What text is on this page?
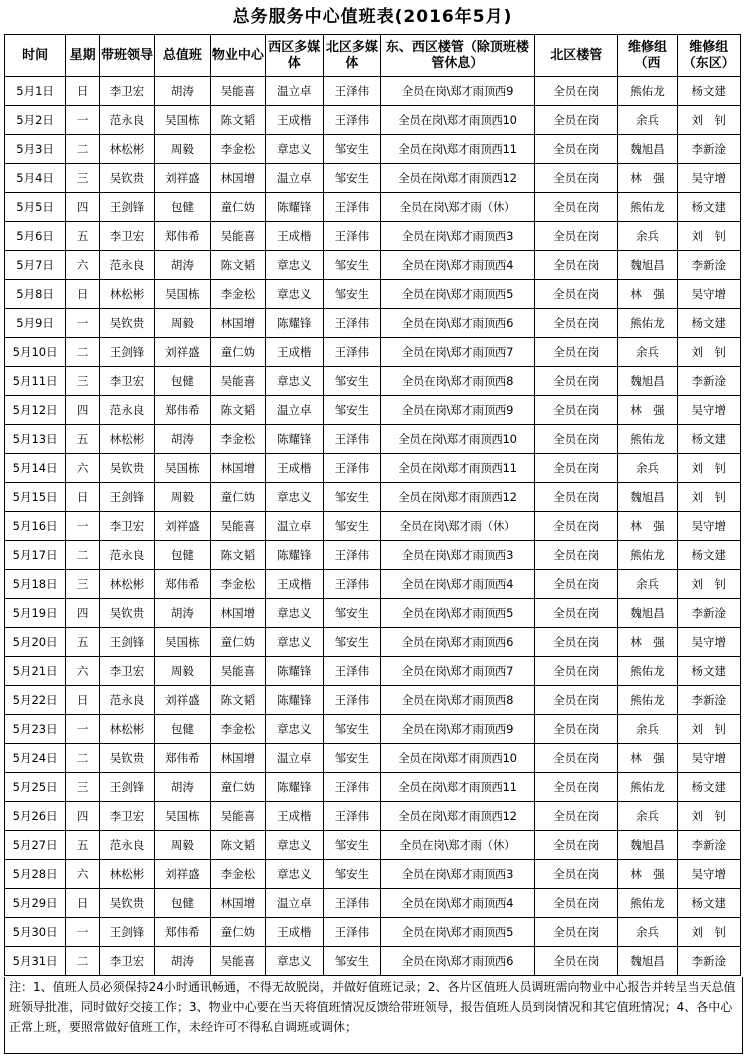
总务服务中心值班表(2016年5月)
时间	星期	带班领导	总值班	物业中心	西区多媒体	北区多媒体	东、西区楼管（除顶班楼管休息）	北区楼管	维修组（西	维修组（东区）
5月1日	日	李卫宏	胡涛	吴能喜	温立卓	王泽伟	全员在岗\郑才雨顶西9	全员在岗	熊佑龙	杨文建
5月2日	一	范永良	吴国栋	陈文韬	王成楷	王泽伟	全员在岗\郑才雨顶西10	全员在岗	余兵	刘　钊
5月3日	二	林松彬	周毅	李金松	章忠义	邹安生	全员在岗\郑才雨顶西11	全员在岗	魏旭昌	李新淦
5月4日	三	吴钦贵	刘祥盛	林国增	温立卓	邹安生	全员在岗\郑才雨顶西12	全员在岗	林　强	吴守增
5月5日	四	王剑锋	包健	童仁妫	陈耀锋	王泽伟	全员在岗\郑才雨（休）	全员在岗	熊佑龙	杨文建
5月6日	五	李卫宏	郑伟希	吴能喜	王成楷	王泽伟	全员在岗\郑才雨顶西3	全员在岗	余兵	刘　钊
5月7日	六	范永良	胡涛	陈文韬	章忠义	邹安生	全员在岗\郑才雨顶西4	全员在岗	魏旭昌	李新淦
5月8日	日	林松彬	吴国栋	李金松	章忠义	邹安生	全员在岗\郑才雨顶西5	全员在岗	林　强	吴守增
5月9日	一	吴钦贵	周毅	林国增	陈耀锋	王泽伟	全员在岗\郑才雨顶西6	全员在岗	熊佑龙	杨文建
5月10日	二	王剑锋	刘祥盛	童仁妫	王成楷	王泽伟	全员在岗\郑才雨顶西7	全员在岗	余兵	刘　钊
5月11日	三	李卫宏	包健	吴能喜	章忠义	邹安生	全员在岗\郑才雨顶西8	全员在岗	魏旭昌	李新淦
5月12日	四	范永良	郑伟希	陈文韬	温立卓	邹安生	全员在岗\郑才雨顶西9	全员在岗	林　强	吴守增
5月13日	五	林松彬	胡涛	李金松	陈耀锋	王泽伟	全员在岗\郑才雨顶西10	全员在岗	熊佑龙	杨文建
5月14日	六	吴钦贵	吴国栋	林国增	王成楷	王泽伟	全员在岗\郑才雨顶西11	全员在岗	余兵	刘　钊
5月15日	日	王剑锋	周毅	童仁妫	章忠义	邹安生	全员在岗\郑才雨顶西12	全员在岗	魏旭昌	刘　钊
5月16日	一	李卫宏	刘祥盛	吴能喜	温立卓	邹安生	全员在岗\郑才雨（休）	全员在岗	林　强	吴守增
5月17日	二	范永良	包健	陈文韬	陈耀锋	王泽伟	全员在岗\郑才雨顶西3	全员在岗	熊佑龙	杨文建
5月18日	三	林松彬	郑伟希	李金松	王成楷	王泽伟	全员在岗\郑才雨顶西4	全员在岗	余兵	刘　钊
5月19日	四	吴钦贵	胡涛	林国增	章忠义	邹安生	全员在岗\郑才雨顶西5	全员在岗	魏旭昌	李新淦
5月20日	五	王剑锋	吴国栋	童仁妫	章忠义	邹安生	全员在岗\郑才雨顶西6	全员在岗	林　强	吴守增
5月21日	六	李卫宏	周毅	吴能喜	陈耀锋	王泽伟	全员在岗\郑才雨顶西7	全员在岗	熊佑龙	杨文建
5月22日	日	范永良	刘祥盛	陈文韬	陈耀锋	王泽伟	全员在岗\郑才雨顶西8	全员在岗	熊佑龙	李新淦
5月23日	一	林松彬	包健	李金松	章忠义	邹安生	全员在岗\郑才雨顶西9	全员在岗	余兵	刘　钊
5月24日	二	吴钦贵	郑伟希	林国增	温立卓	邹安生	全员在岗\郑才雨顶西10	全员在岗	林　强	吴守增
5月25日	三	王剑锋	胡涛	童仁妫	陈耀锋	王泽伟	全员在岗\郑才雨顶西11	全员在岗	熊佑龙	杨文建
5月26日	四	李卫宏	吴国栋	吴能喜	王成楷	王泽伟	全员在岗\郑才雨顶西12	全员在岗	余兵	刘　钊
5月27日	五	范永良	周毅	陈文韬	章忠义	邹安生	全员在岗\郑才雨（休）	全员在岗	魏旭昌	李新淦
5月28日	六	林松彬	刘祥盛	李金松	章忠义	邹安生	全员在岗\郑才雨顶西3	全员在岗	林　强	吴守增
5月29日	日	吴钦贵	包健	林国增	温立卓	王泽伟	全员在岗\郑才雨顶西4	全员在岗	熊佑龙	杨文建
5月30日	一	王剑锋	郑伟希	童仁妫	王成楷	王泽伟	全员在岗\郑才雨顶西5	全员在岗	余兵	刘　钊
5月31日	二	李卫宏	胡涛	吴能喜	章忠义	邹安生	全员在岗\郑才雨顶西6	全员在岗	魏旭昌	李新淦
注：1、值班人员必须保持24小时通讯畅通，不得无故脱岗，并做好值班记录；2、各片区值班人员调班需向物业中心报告并转呈当天总值班领导批准，同时做好交接工作；3、物业中心要在当天将值班情况反馈给带班领导，报告值班人员到岗情况和其它值班情况；4、各中心正常上班，要照常做好值班工作，未经许可不得私自调班或调休；
